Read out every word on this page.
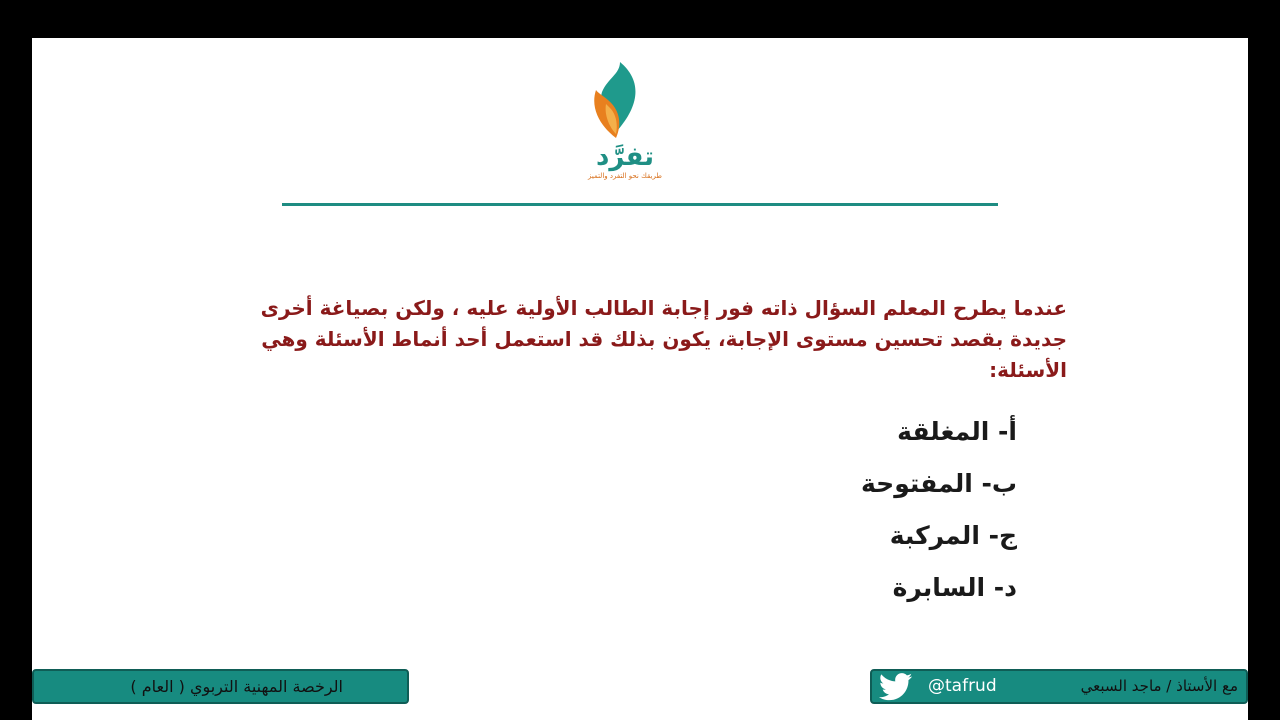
تفرَّد
طريقك نحو التفرد والتميز
عندما يطرح المعلم السؤال ذاته فور إجابة الطالب الأولية عليه ، ولكن بصياغة أخرى جديدة بقصد تحسين مستوى الإجابة، يكون بذلك قد استعمل أحد أنماط الأسئلة وهي الأسئلة:
أ- المغلقة
ب- المفتوحة
ج- المركبة
د- السابرة
الرخصة المهنية التربوي ( العام )	@tafrud	مع الأستاذ / ماجد السبعي
